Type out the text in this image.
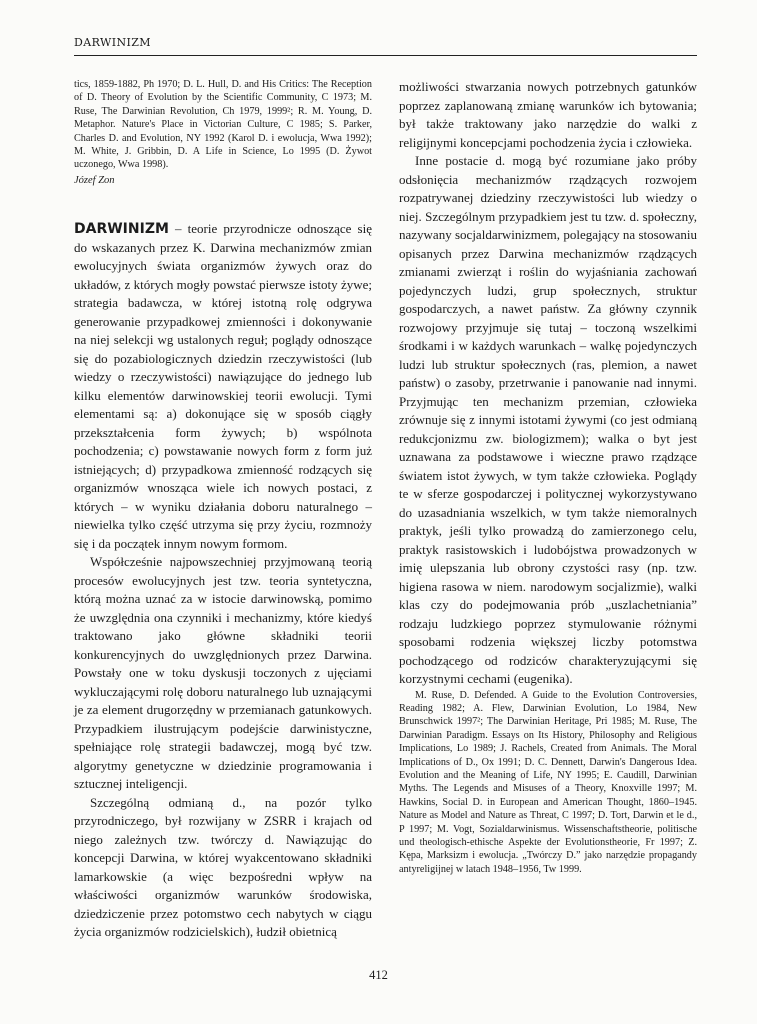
DARWINIZM

tics, 1859-1882, Ph 1970; D. L. Hull, D. and His Critics: The Reception of D. Theory of Evolution by the Scientific Community, C 1973; M. Ruse, The Darwinian Revolution, Ch 1979, 1999²; R. M. Young, D. Metaphor. Nature's Place in Victorian Culture, C 1985; S. Parker, Charles D. and Evolution, NY 1992 (Karol D. i ewolucja, Wwa 1992); M. White, J. Gribbin, D. A Life in Science, Lo 1995 (D. Żywot uczonego, Wwa 1998).

Józef Zon

DARWINIZM – teorie przyrodnicze odnoszące się do wskazanych przez K. Darwina mechanizmów zmian ewolucyjnych świata organizmów żywych oraz do układów, z których mogły powstać pierwsze istoty żywe; strategia badawcza, w której istotną rolę odgrywa generowanie przypadkowej zmienności i dokonywanie na niej selekcji wg ustalonych reguł; poglądy odnoszące się do pozabiologicznych dziedzin rzeczywistości (lub wiedzy o rzeczywistości) nawiązujące do jednego lub kilku elementów darwinowskiej teorii ewolucji. Tymi elementami są: a) dokonujące się w sposób ciągły przekształcenia form żywych; b) wspólnota pochodzenia; c) powstawanie nowych form z form już istniejących; d) przypadkowa zmienność rodzących się organizmów wnosząca wiele ich nowych postaci, z których – w wyniku działania doboru naturalnego – niewielka tylko część utrzyma się przy życiu, rozmnoży się i da początek innym nowym formom.

Współcześnie najpowszechniej przyjmowaną teorią procesów ewolucyjnych jest tzw. teoria syntetyczna, którą można uznać za w istocie darwinowską, pomimo że uwzględnia ona czynniki i mechanizmy, które kiedyś traktowano jako główne składniki teorii konkurencyjnych do uwzględnionych przez Darwina. Powstały one w toku dyskusji toczonych z ujęciami wykluczającymi rolę doboru naturalnego lub uznającymi je za element drugorzędny w przemianach gatunkowych. Przypadkiem ilustrującym podejście darwinistyczne, spełniające rolę strategii badawczej, mogą być tzw. algorytmy genetyczne w dziedzinie programowania i sztucznej inteligencji.

Szczególną odmianą d., na pozór tylko przyrodniczego, był rozwijany w ZSRR i krajach od niego zależnych tzw. twórczy d. Nawiązując do koncepcji Darwina, w której wyakcentowano składniki lamarkowskie (a więc bezpośredni wpływ na właściwości organizmów warunków środowiska, dziedziczenie przez potomstwo cech nabytych w ciągu życia organizmów rodzicielskich), łudził obietnicą

możliwości stwarzania nowych potrzebnych gatunków poprzez zaplanowaną zmianę warunków ich bytowania; był także traktowany jako narzędzie do walki z religijnymi koncepcjami pochodzenia życia i człowieka.

Inne postacie d. mogą być rozumiane jako próby odsłonięcia mechanizmów rządzących rozwojem rozpatrywanej dziedziny rzeczywistości lub wiedzy o niej. Szczególnym przypadkiem jest tu tzw. d. społeczny, nazywany socjaldarwinizmem, polegający na stosowaniu opisanych przez Darwina mechanizmów rządzących zmianami zwierząt i roślin do wyjaśniania zachowań pojedynczych ludzi, grup społecznych, struktur gospodarczych, a nawet państw. Za główny czynnik rozwojowy przyjmuje się tutaj – toczoną wszelkimi środkami i w każdych warunkach – walkę pojedynczych ludzi lub struktur społecznych (ras, plemion, a nawet państw) o zasoby, przetrwanie i panowanie nad innymi. Przyjmując ten mechanizm przemian, człowieka zrównuje się z innymi istotami żywymi (co jest odmianą redukcjonizmu zw. biologizmem); walka o byt jest uznawana za podstawowe i wieczne prawo rządzące światem istot żywych, w tym także człowieka. Poglądy te w sferze gospodarczej i politycznej wykorzystywano do uzasadniania wszelkich, w tym także niemoralnych praktyk, jeśli tylko prowadzą do zamierzonego celu, praktyk rasistowskich i ludobójstwa prowadzonych w imię ulepszania lub obrony czystości rasy (np. tzw. higiena rasowa w niem. narodowym socjalizmie), walki klas czy do podejmowania prób „uszlachetniania” rodzaju ludzkiego poprzez stymulowanie różnymi sposobami rodzenia większej liczby potomstwa pochodzącego od rodziców charakteryzującymi się korzystnymi cechami (eugenika).

M. Ruse, D. Defended. A Guide to the Evolution Controversies, Reading 1982; A. Flew, Darwinian Evolution, Lo 1984, New Brunschwick 1997²; The Darwinian Heritage, Pri 1985; M. Ruse, The Darwinian Paradigm. Essays on Its History, Philosophy and Religious Implications, Lo 1989; J. Rachels, Created from Animals. The Moral Implications of D., Ox 1991; D. C. Dennett, Darwin's Dangerous Idea. Evolution and the Meaning of Life, NY 1995; E. Caudill, Darwinian Myths. The Legends and Misuses of a Theory, Knoxville 1997; M. Hawkins, Social D. in European and American Thought, 1860–1945. Nature as Model and Nature as Threat, C 1997; D. Tort, Darwin et le d., P 1997; M. Vogt, Sozialdarwinismus. Wissenschaftstheorie, politische und theologisch-ethische Aspekte der Evolutionstheorie, Fr 1997; Z. Kępa, Marksizm i ewolucja. „Twórczy D.” jako narzędzie propagandy antyreligijnej w latach 1948–1956, Tw 1999.

412
